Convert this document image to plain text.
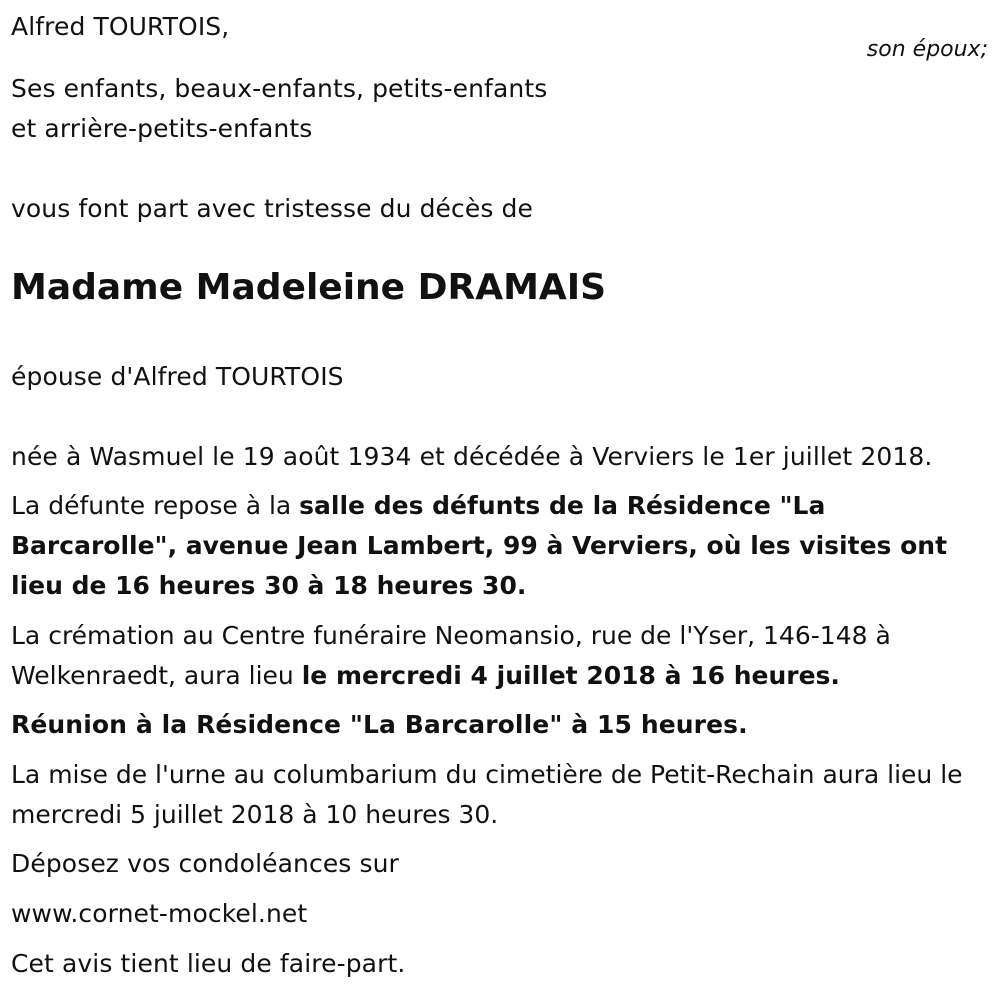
Alfred TOURTOIS,
son époux;
Ses enfants, beaux-enfants, petits-enfants
et arrière-petits-enfants
vous font part avec tristesse du décès de
Madame Madeleine DRAMAIS
épouse d'Alfred TOURTOIS
née à Wasmuel le 19 août 1934 et décédée à Verviers le 1er juillet 2018.
La défunte repose à la salle des défunts de la Résidence "La Barcarolle", avenue Jean Lambert, 99 à Verviers, où les visites ont lieu de 16 heures 30 à 18 heures 30.
La crémation au Centre funéraire Neomansio, rue de l'Yser, 146-148 à Welkenraedt, aura lieu le mercredi 4 juillet 2018 à 16 heures.
Réunion à la Résidence "La Barcarolle" à 15 heures.
La mise de l'urne au columbarium du cimetière de Petit-Rechain aura lieu le mercredi 5 juillet 2018 à 10 heures 30.
Déposez vos condoléances sur
www.cornet-mockel.net
Cet avis tient lieu de faire-part.
